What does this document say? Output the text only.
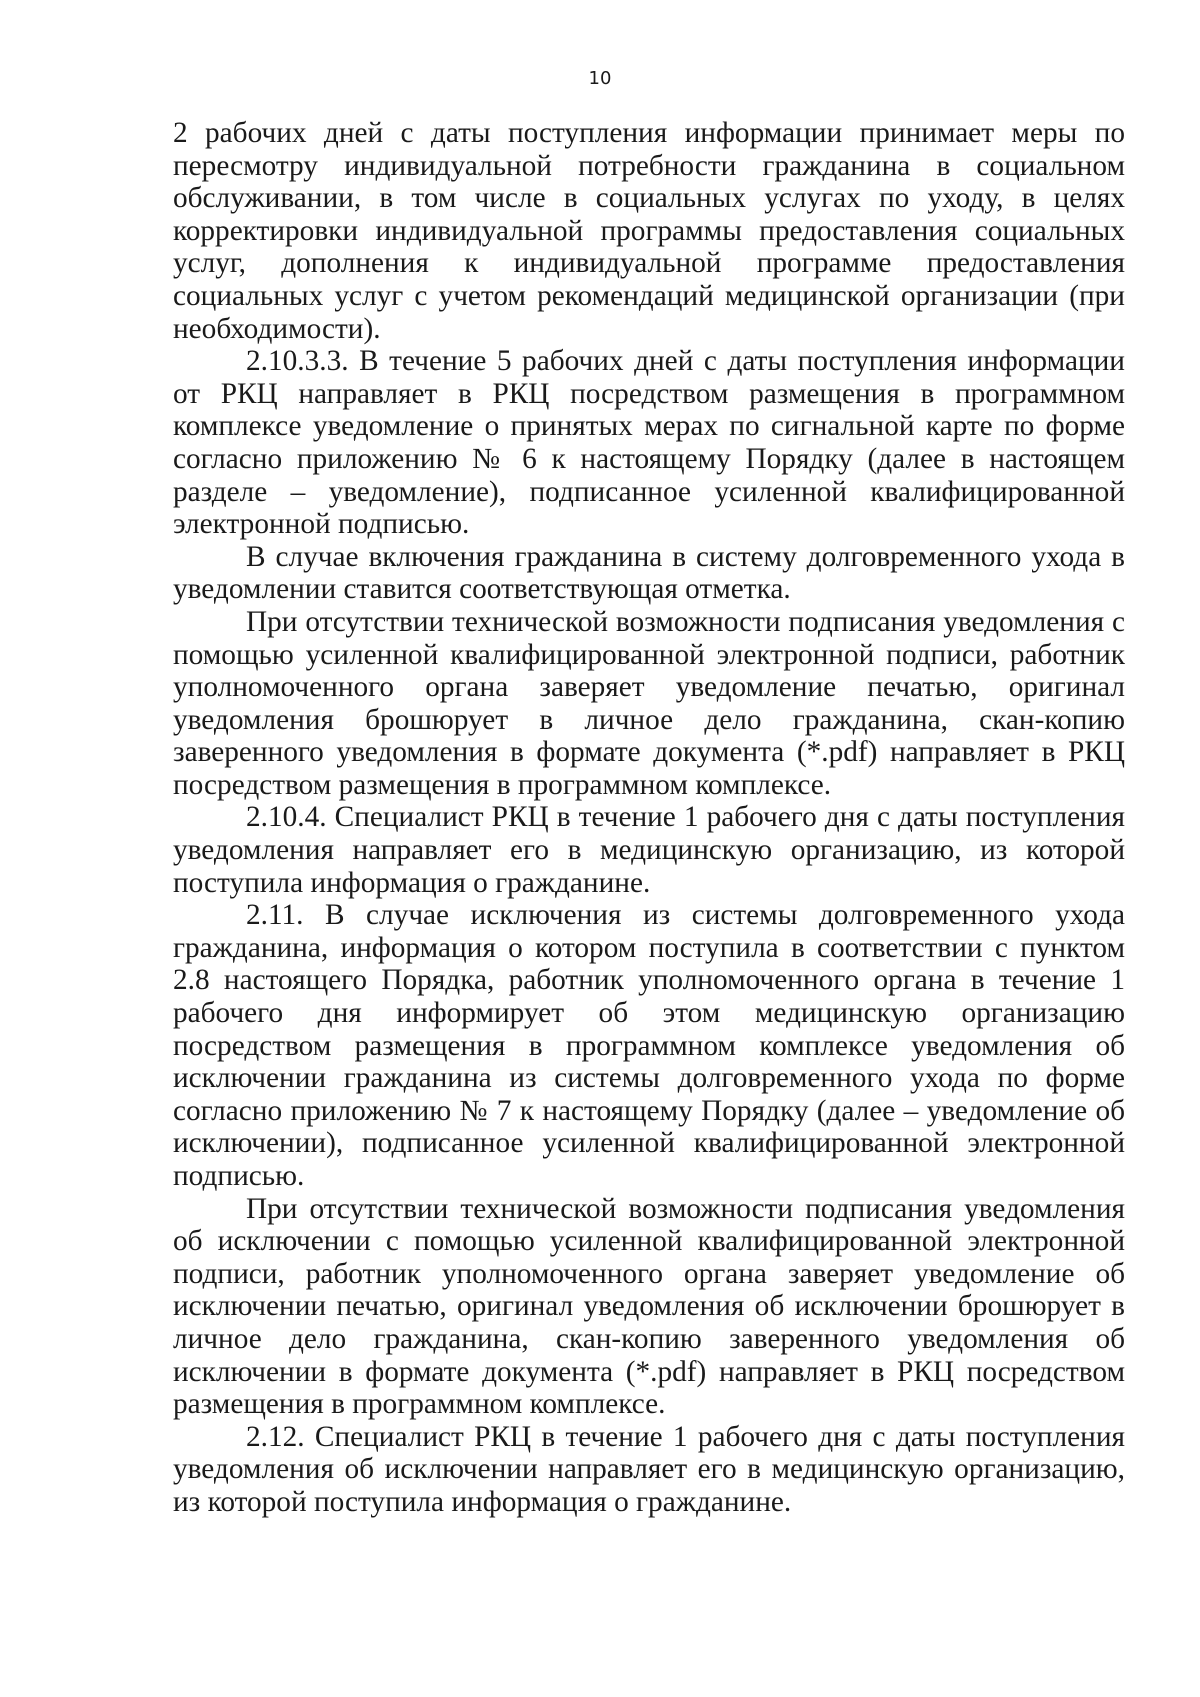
10

2 рабочих дней с даты поступления информации принимает меры по пересмотру индивидуальной потребности гражданина в социальном обслуживании, в том числе в социальных услугах по уходу, в целях корректировки индивидуальной программы предоставления социальных услуг, дополнения к индивидуальной программе предоставления социальных услуг с учетом рекомендаций медицинской организации (при необходимости).

2.10.3.3. В течение 5 рабочих дней с даты поступления информации от РКЦ направляет в РКЦ посредством размещения в программном комплексе уведомление о принятых мерах по сигнальной карте по форме согласно приложению № 6 к настоящему Порядку (далее в настоящем разделе – уведомление), подписанное усиленной квалифицированной электронной подписью.

В случае включения гражданина в систему долговременного ухода в уведомлении ставится соответствующая отметка.

При отсутствии технической возможности подписания уведомления с помощью усиленной квалифицированной электронной подписи, работник уполномоченного органа заверяет уведомление печатью, оригинал уведомления брошюрует в личное дело гражданина, скан-копию заверенного уведомления в формате документа (*.pdf) направляет в РКЦ посредством размещения в программном комплексе.

2.10.4. Специалист РКЦ в течение 1 рабочего дня с даты поступления уведомления направляет его в медицинскую организацию, из которой поступила информация о гражданине.

2.11. В случае исключения из системы долговременного ухода гражданина, информация о котором поступила в соответствии с пунктом 2.8 настоящего Порядка, работник уполномоченного органа в течение 1 рабочего дня информирует об этом медицинскую организацию посредством размещения в программном комплексе уведомления об исключении гражданина из системы долговременного ухода по форме согласно приложению № 7 к настоящему Порядку (далее – уведомление об исключении), подписанное усиленной квалифицированной электронной подписью.

При отсутствии технической возможности подписания уведомления об исключении с помощью усиленной квалифицированной электронной подписи, работник уполномоченного органа заверяет уведомление об исключении печатью, оригинал уведомления об исключении брошюрует в личное дело гражданина, скан-копию заверенного уведомления об исключении в формате документа (*.pdf) направляет в РКЦ посредством размещения в программном комплексе.

2.12. Специалист РКЦ в течение 1 рабочего дня с даты поступления уведомления об исключении направляет его в медицинскую организацию, из которой поступила информация о гражданине.
